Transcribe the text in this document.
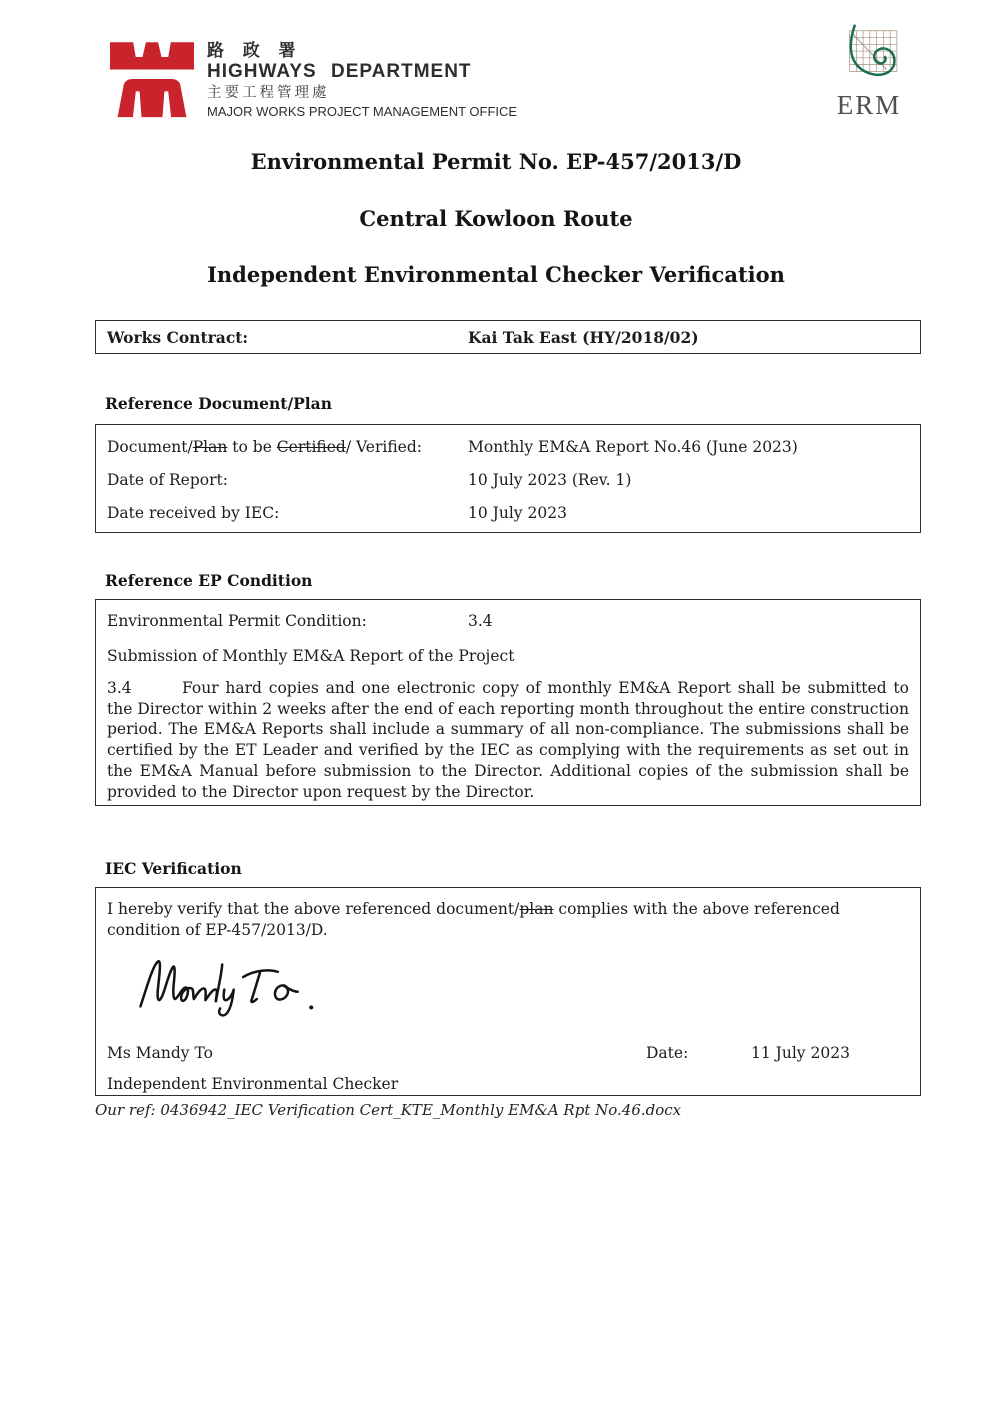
路 政 署
HIGHWAYS DEPARTMENT
主要工程管理處
MAJOR WORKS PROJECT MANAGEMENT OFFICE	ERM
Environmental Permit No. EP-457/2013/D
Central Kowloon Route
Independent Environmental Checker Verification
Works Contract:	Kai Tak East (HY/2018/02)
Reference Document/Plan
Document/Plan to be Certified/ Verified:	Monthly EM&A Report No.46 (June 2023)
Date of Report:	10 July 2023 (Rev. 1)
Date received by IEC:	10 July 2023
Reference EP Condition
Environmental Permit Condition:	3.4
Submission of Monthly EM&A Report of the Project
3.4	Four hard copies and one electronic copy of monthly EM&A Report shall be submitted to the Director within 2 weeks after the end of each reporting month throughout the entire construction period. The EM&A Reports shall include a summary of all non-compliance. The submissions shall be certified by the ET Leader and verified by the IEC as complying with the requirements as set out in the EM&A Manual before submission to the Director. Additional copies of the submission shall be provided to the Director upon request by the Director.
IEC Verification
I hereby verify that the above referenced document/plan complies with the above referenced condition of EP-457/2013/D.
Ms Mandy To	Date:	11 July 2023
Independent Environmental Checker
Our ref: 0436942_IEC Verification Cert_KTE_Monthly EM&A Rpt No.46.docx
